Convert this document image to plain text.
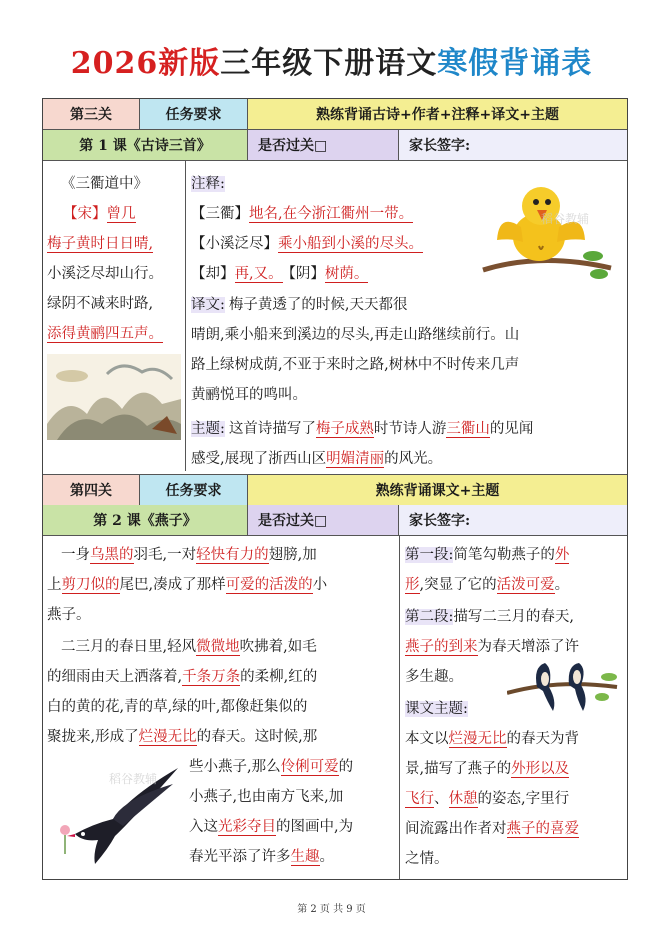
2026新版三年级下册语文寒假背诵表
第三关	任务要求	熟练背诵古诗+作者+注释+译文+主题
第 1 课《古诗三首》	是否过关□	家长签字:
《三衢道中》
【宋】曾几
梅子黄时日日晴,
小溪泛尽却山行。
绿阴不减来时路,
添得黄鹂四五声。
注释:
【三衢】地名,在今浙江衢州一带。
【小溪泛尽】乘小船到小溪的尽头。
【却】再,又。 【阴】树荫。
稻谷教辅
译文: 梅子黄透了的时候,天天都很
晴朗,乘小船来到溪边的尽头,再走山路继续前行。山
路上绿树成荫,不亚于来时之路,树林中不时传来几声
黄鹂悦耳的鸣叫。
主题: 这首诗描写了梅子成熟时节诗人游三衢山的见闻
感受,展现了浙西山区明媚清丽的风光。
第四关	任务要求	熟练背诵课文+主题
第 2 课《燕子》	是否过关□	家长签字:
一身乌黑的羽毛,一对轻快有力的翅膀,加
上剪刀似的尾巴,凑成了那样可爱的活泼的小
燕子。
二三月的春日里,轻风微微地吹拂着,如毛
的细雨由天上洒落着,千条万条的柔柳,红的
白的黄的花,青的草,绿的叶,都像赶集似的
聚拢来,形成了烂漫无比的春天。这时候,那
些小燕子,那么伶俐可爱的
小燕子,也由南方飞来,加
入这光彩夺目的图画中,为
春光平添了许多生趣。
稻谷教辅
第一段:简笔勾勒燕子的外
形,突显了它的活泼可爱。
第二段:描写二三月的春天,
燕子的到来为春天增添了许
多生趣。
课文主题:
本文以烂漫无比的春天为背
景,描写了燕子的外形以及
飞行、休憩的姿态,字里行
间流露出作者对燕子的喜爱
之情。
第 2 页 共 9 页
